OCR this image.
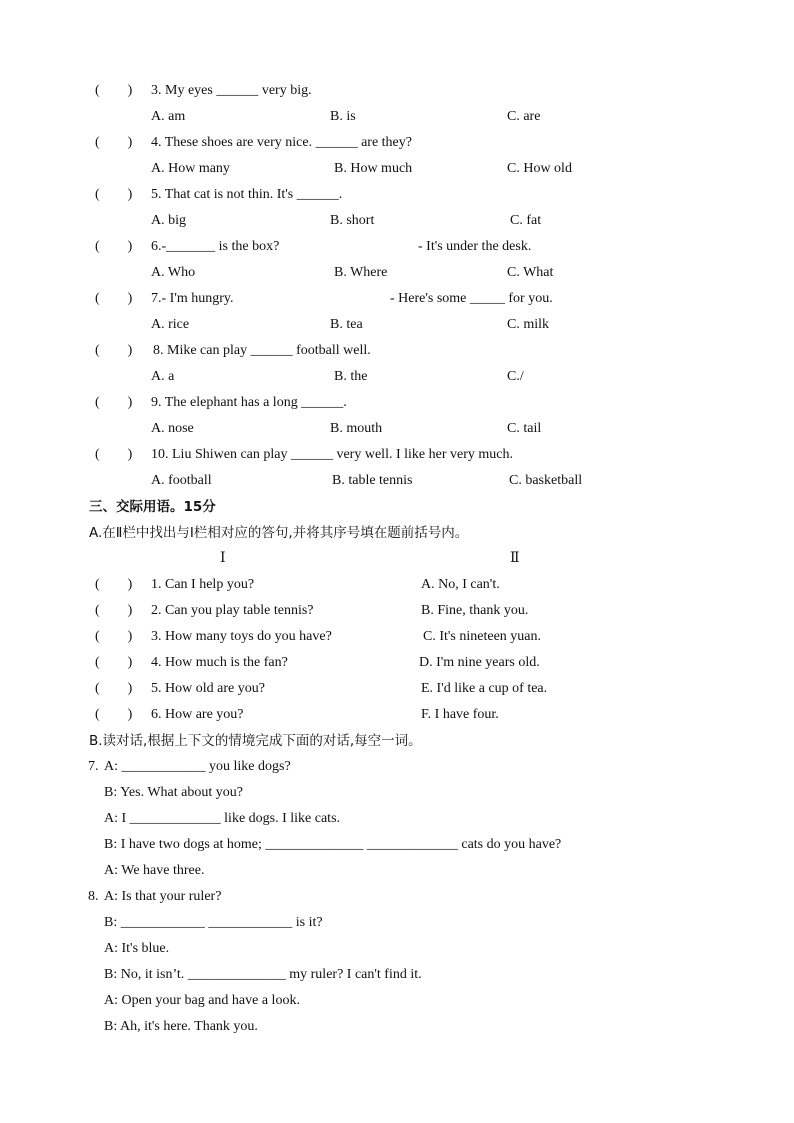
(　　) 3. My eyes ______ very big.
A. am	B. is	C. are
(　　) 4. These shoes are very nice. ______ are they?
A. How many	B. How much	C. How old
(　　) 5. That cat is not thin. It's ______.
A. big	B. short	C. fat
(　　) 6.-_______ is the box?	- It's under the desk.
A. Who	B. Where	C. What
(　　) 7.- I'm hungry.	- Here's some _____ for you.
A. rice	B. tea	C. milk
(　　) 8. Mike can play ______ football well.
A. a	B. the	C./
(　　) 9. The elephant has a long ______.
A. nose	B. mouth	C. tail
(　　) 10. Liu Shiwen can play ______ very well. I like her very much.
A. football	B. table tennis	C. basketball
三、交际用语。15分
A.在Ⅱ栏中找出与Ⅰ栏相对应的答句,并将其序号填在题前括号内。
Ⅰ	Ⅱ
(　　) 1. Can I help you?	A. No, I can't.
(　　) 2. Can you play table tennis?	B. Fine, thank you.
(　　) 3. How many toys do you have?	C. It's nineteen yuan.
(　　) 4. How much is the fan?	D. I'm nine years old.
(　　) 5. How old are you?	E. I'd like a cup of tea.
(　　) 6. How are you?	F. I have four.
B.读对话,根据上下文的情境完成下面的对话,每空一词。
7. A: ____________ you like dogs?
B: Yes. What about you?
A: I _____________ like dogs. I like cats.
B: I have two dogs at home; ______________ _____________ cats do you have?
A: We have three.
8. A: Is that your ruler?
B: ____________ ____________ is it?
A: It's blue.
B: No, it isn’t. ______________ my ruler? I can't find it.
A: Open your bag and have a look.
B: Ah, it's here. Thank you.
